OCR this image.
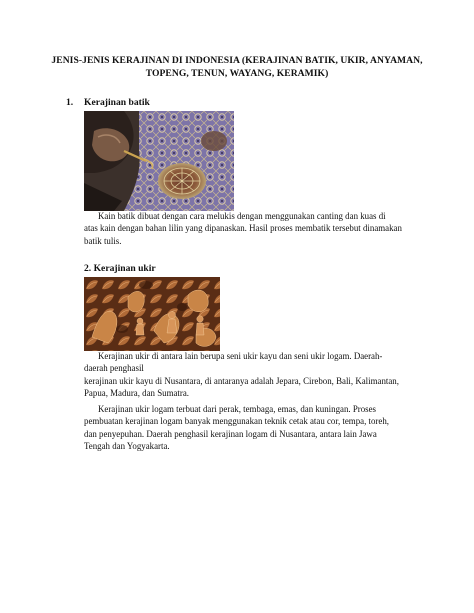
JENIS-JENIS KERAJINAN DI INDONESIA (KERAJINAN BATIK, UKIR, ANYAMAN,
TOPENG, TENUN, WAYANG, KERAMIK)
1. Kerajinan batik

Kain batik dibuat dengan cara melukis dengan menggunakan canting dan kuas di
atas kain dengan bahan lilin yang dipanaskan. Hasil proses membatik tersebut dinamakan
batik tulis.

2. Kerajinan ukir

Kerajinan ukir di antara lain berupa seni ukir kayu dan seni ukir logam. Daerah-
daerah penghasil
kerajinan ukir kayu di Nusantara, di antaranya adalah Jepara, Cirebon, Bali, Kalimantan,
Papua, Madura, dan Sumatra.

Kerajinan ukir logam terbuat dari perak, tembaga, emas, dan kuningan. Proses
pembuatan kerajinan logam banyak menggunakan teknik cetak atau cor, tempa, toreh,
dan penyepuhan. Daerah penghasil kerajinan logam di Nusantara, antara lain Jawa
Tengah dan Yogyakarta.
